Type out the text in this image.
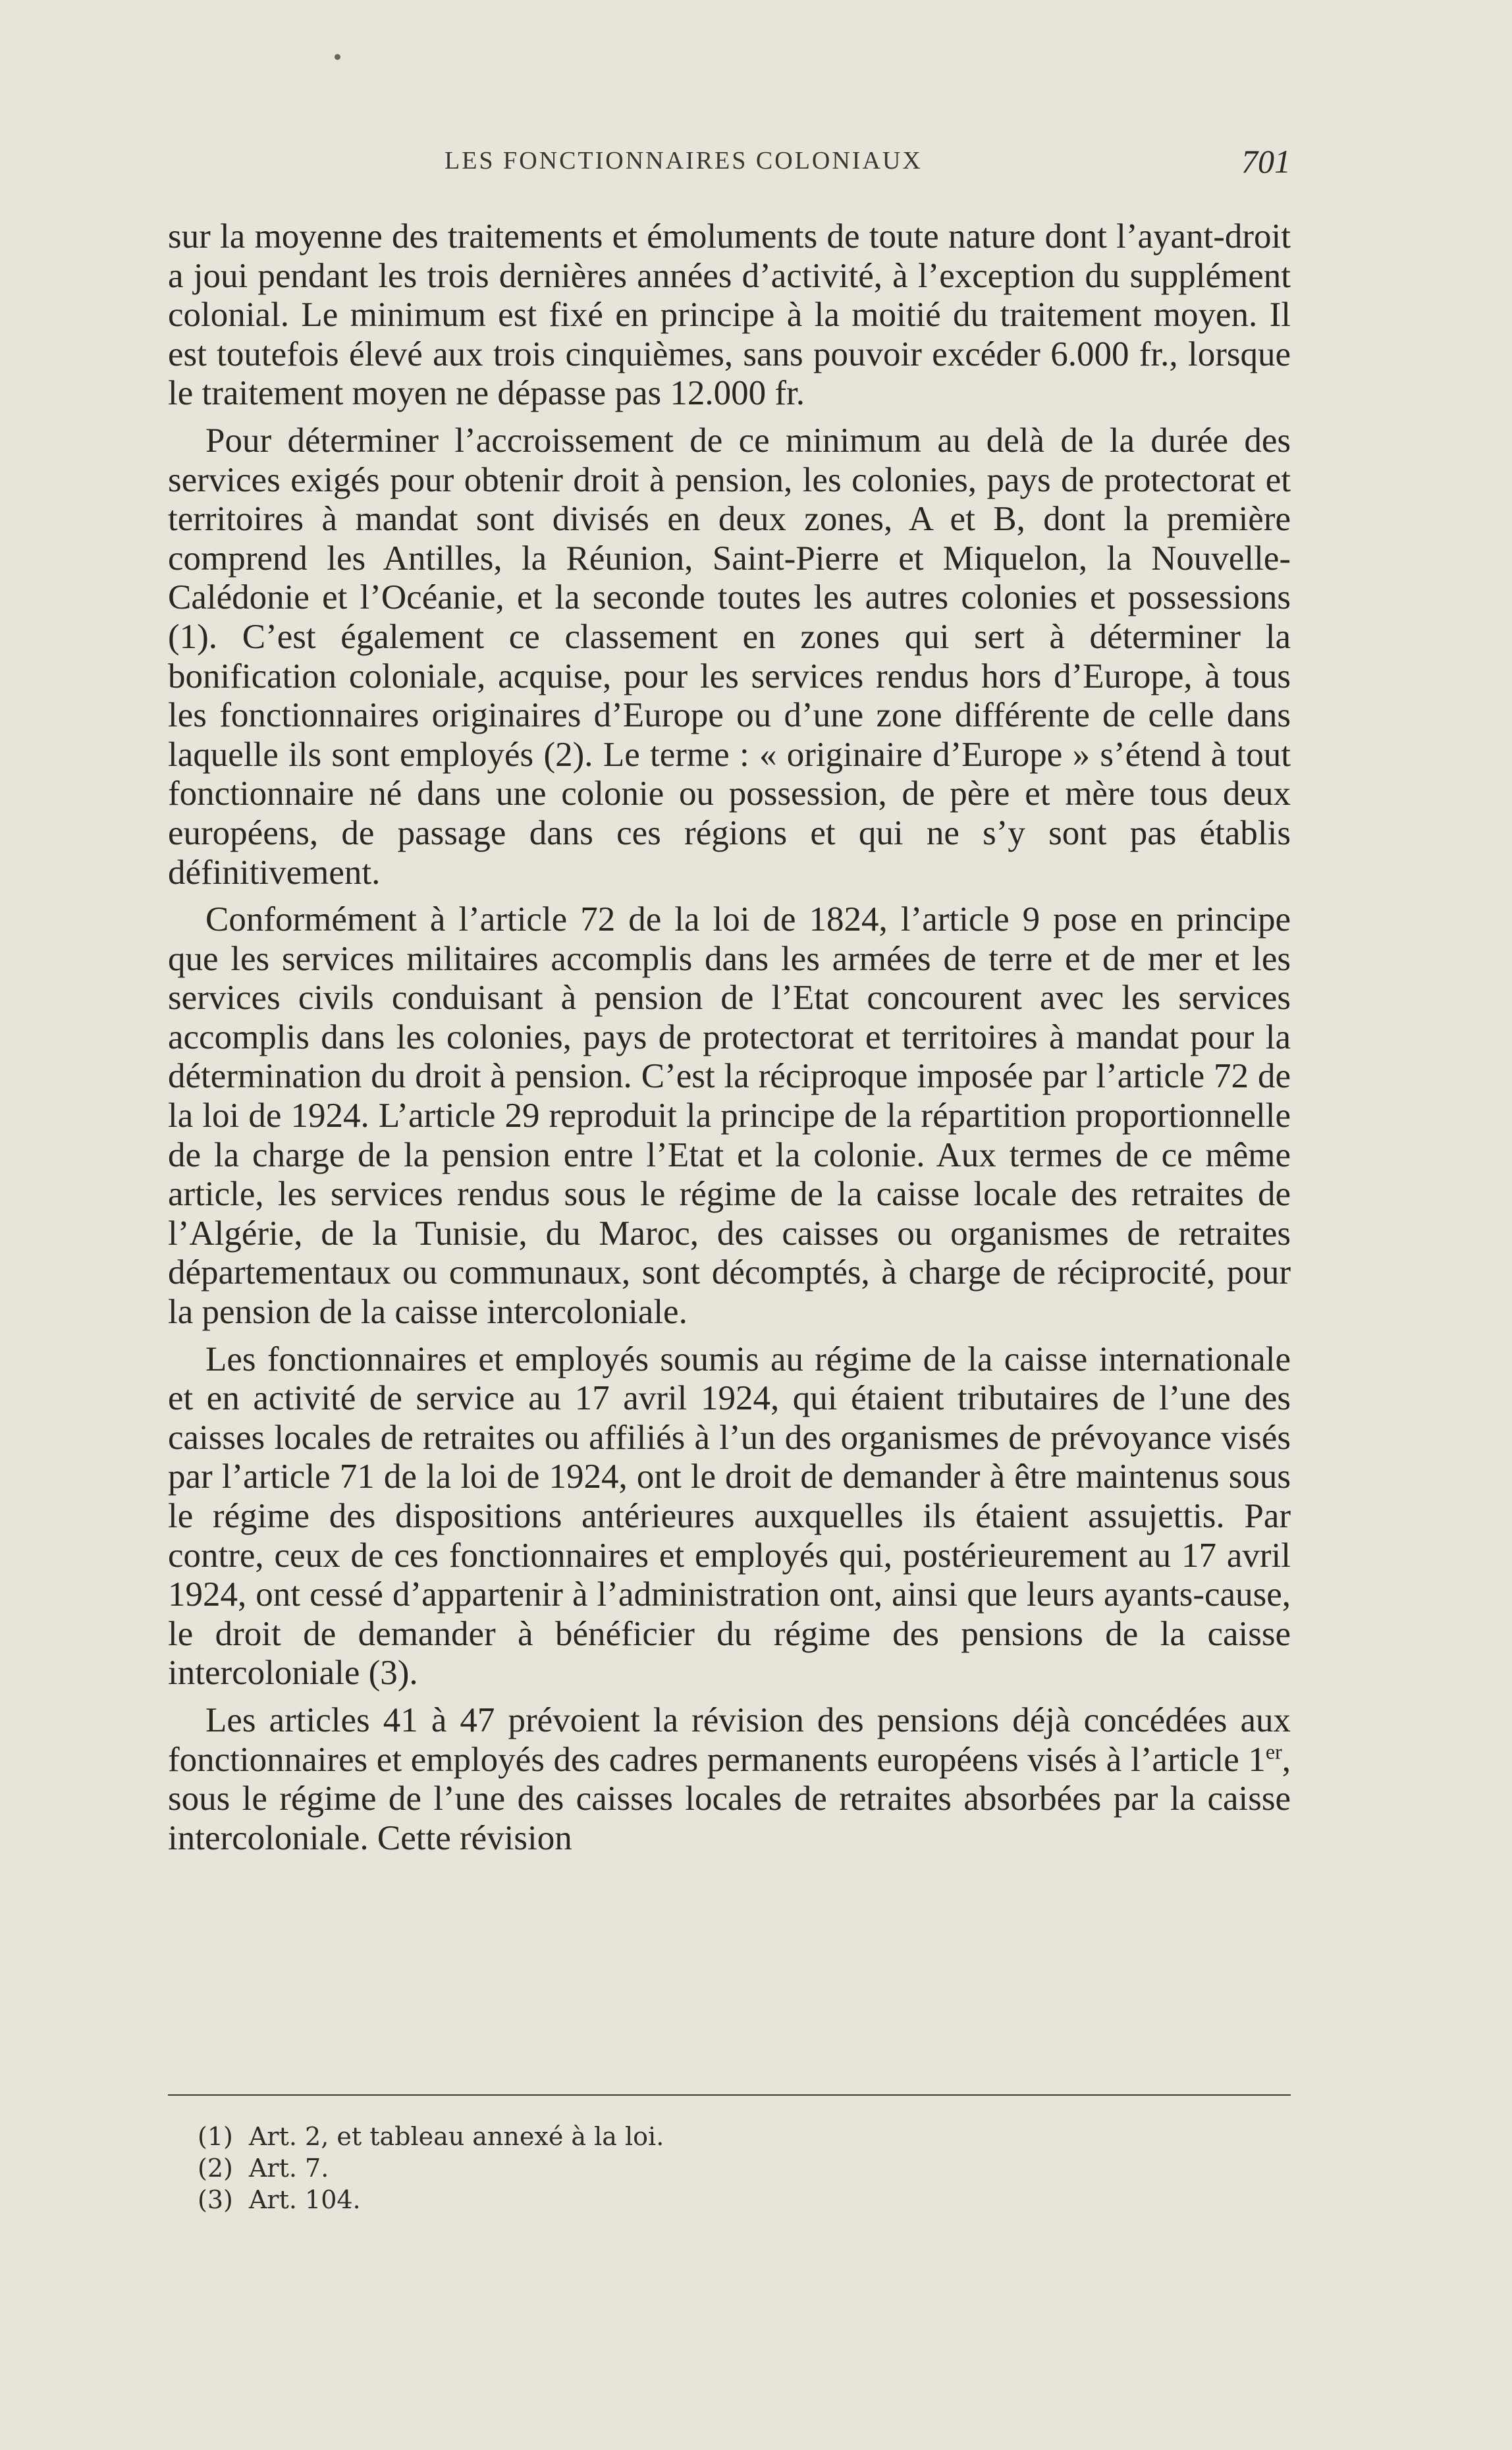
LES FONCTIONNAIRES COLONIAUX	701

sur la moyenne des traitements et émoluments de toute nature dont l’ayant-droit a joui pendant les trois dernières années d’activité, à l’exception du supplément colonial. Le minimum est fixé en principe à la moitié du traitement moyen. Il est toutefois élevé aux trois cinquièmes, sans pouvoir excéder 6.000 fr., lorsque le traitement moyen ne dépasse pas 12.000 fr.

Pour déterminer l’accroissement de ce minimum au delà de la durée des services exigés pour obtenir droit à pension, les colonies, pays de protectorat et territoires à mandat sont divisés en deux zones, A et B, dont la première comprend les Antilles, la Réunion, Saint-Pierre et Miquelon, la Nouvelle-Calédonie et l’Océanie, et la seconde toutes les autres colonies et possessions (1). C’est également ce classement en zones qui sert à déterminer la bonification coloniale, acquise, pour les services rendus hors d’Europe, à tous les fonctionnaires originaires d’Europe ou d’une zone différente de celle dans laquelle ils sont employés (2). Le terme : « originaire d’Europe » s’étend à tout fonctionnaire né dans une colonie ou possession, de père et mère tous deux européens, de passage dans ces régions et qui ne s’y sont pas établis définitivement.

Conformément à l’article 72 de la loi de 1824, l’article 9 pose en principe que les services militaires accomplis dans les armées de terre et de mer et les services civils conduisant à pension de l’Etat concourent avec les services accomplis dans les colonies, pays de protectorat et territoires à mandat pour la détermination du droit à pension. C’est la réciproque imposée par l’article 72 de la loi de 1924. L’article 29 reproduit la principe de la répartition proportionnelle de la charge de la pension entre l’Etat et la colonie. Aux termes de ce même article, les services rendus sous le régime de la caisse locale des retraites de l’Algérie, de la Tunisie, du Maroc, des caisses ou organismes de retraites départementaux ou communaux, sont décomptés, à charge de réciprocité, pour la pension de la caisse intercoloniale.

Les fonctionnaires et employés soumis au régime de la caisse internationale et en activité de service au 17 avril 1924, qui étaient tributaires de l’une des caisses locales de retraites ou affiliés à l’un des organismes de prévoyance visés par l’article 71 de la loi de 1924, ont le droit de demander à être maintenus sous le régime des dispositions antérieures auxquelles ils étaient assujettis. Par contre, ceux de ces fonctionnaires et employés qui, postérieurement au 17 avril 1924, ont cessé d’appartenir à l’administration ont, ainsi que leurs ayants-cause, le droit de demander à bénéficier du régime des pensions de la caisse intercoloniale (3).

Les articles 41 à 47 prévoient la révision des pensions déjà concédées aux fonctionnaires et employés des cadres permanents européens visés à l’article 1er, sous le régime de l’une des caisses locales de retraites absorbées par la caisse intercoloniale. Cette révision

(1)  Art. 2, et tableau annexé à la loi.
(2)  Art. 7.
(3)  Art. 104.
